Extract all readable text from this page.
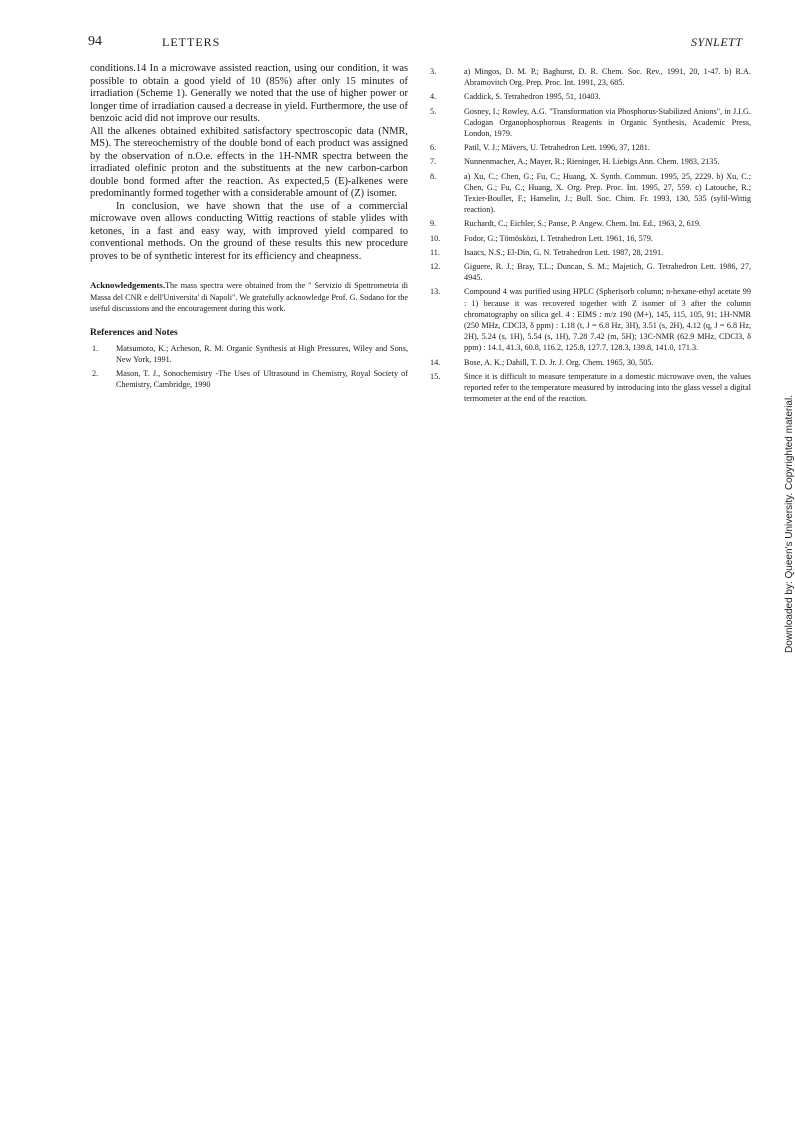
94	LETTERS	SYNLETT

conditions.14 In a microwave assisted reaction, using our condition, it was possible to obtain a good yield of 10 (85%) after only 15 minutes of irradiation (Scheme 1). Generally we noted that the use of higher power or longer time of irradiation caused a decrease in yield. Furthermore, the use of benzoic acid did not improve our results.

All the alkenes obtained exhibited satisfactory spectroscopic data (NMR, MS). The stereochemistry of the double bond of each product was assigned by the observation of n.O.e. effects in the 1H-NMR spectra between the irradiated olefinic proton and the substituents at the new carbon-carbon double bond formed after the reaction. As expected,5 (E)-alkenes were predominantly formed together with a considerable amount of (Z) isomer.

In conclusion, we have shown that the use of a commercial microwave oven allows conducting Wittig reactions of stable ylides with ketones, in a fast and easy way, with improved yield compared to conventional methods. On the ground of these results this new procedure proves to be of synthetic interest for its efficiency and cheapness.

Acknowledgements.The mass spectra were obtained from the " Servizio di Spettrometria di Massa del CNR e dell'Universita' di Napoli". We gratefully acknowledge Prof. G. Sodano for the useful discussions and the encouragement during this work.

References and Notes
1.	Matsumoto, K.; Acheson, R. M. Organic Synthesis at High Pressures, Wiley and Sons, New York, 1991.
2.	Mason, T. J., Sonochemistry -The Uses of Ultrasound in Chemistry, Royal Society of Chemistry, Cambridge, 1990
3.	a) Mingos, D. M. P.; Baghurst, D. R. Chem. Soc. Rev., 1991, 20, 1-47. b) R.A. Abramovitch Org. Prep. Proc. Int. 1991, 23, 685.
4.	Caddick, S. Tetrahedron 1995, 51, 10403.
5.	Gosney, I.; Rowley, A.G. "Transformation via Phosphorus-Stabilized Anions", in J.I.G. Cadogan Organophosphorous Reagents in Organic Synthesis, Academic Press, London, 1979.
6.	Patil, V. J.; Mävers, U. Tetrahedron Lett. 1996, 37, 1281.
7.	Nunnenmacher, A.; Mayer, R.; Rieninger, H. Liebigs Ann. Chem. 1983, 2135.
8.	a) Xu, C.; Chen, G.; Fu, C.; Huang, X. Synth. Commun. 1995, 25, 2229. b) Xu, C.; Chen, G.; Fu, C.; Huang, X. Org. Prep. Proc. Int. 1995, 27, 559. c) Latouche, R.; Texier-Boullet, F.; Hamelin, J.; Bull. Soc. Chim. Fr. 1993, 130, 535 (sylil-Wittig reaction).
9.	Ruchardt, C.; Eichler, S.; Panse, P. Angew. Chem. Int. Ed., 1963, 2, 619.
10.	Fodor, G.; Tömösközi, I. Tetrahedron Lett. 1961, 16, 579.
11.	Isaacs, N.S.; El-Din, G. N. Tetrahedron Lett. 1987, 28, 2191.
12.	Giguere, R. J.; Bray, T.L.; Duncan, S. M.; Majetich, G. Tetrahedron Lett. 1986, 27, 4945.
13.	Compound 4 was purified using HPLC (Spherisorb column; n-hexane-ethyl acetate 99 : 1) because it was recovered together with Z isomer of 3 after the column chromatography on silica gel. 4 : EIMS : m/z 190 (M+), 145, 115, 105, 91; 1H-NMR (250 MHz, CDCl3, δ ppm) : 1.18 (t, J = 6.8 Hz, 3H), 3.51 (s, 2H), 4.12 (q, J = 6.8 Hz, 2H), 5.24 (s, 1H), 5.54 (s, 1H), 7.28 7.42 (m, 5H); 13C-NMR (62.9 MHz, CDCl3, δ ppm) : 14.1, 41.3, 60.8, 116.2, 125.8, 127.7, 128.3, 139.8, 141.0, 171.3.
14.	Bose, A. K.; Dahill, T. D. Jr. J. Org. Chem. 1965, 30, 505.
15.	Since it is difficult to measure temperature in a domestic microwave oven, the values reported refer to the temperature measured by introducing into the glass vessel a digital termometer at the end of the reaction.	Downloaded by: Queen's University. Copyrighted material.
